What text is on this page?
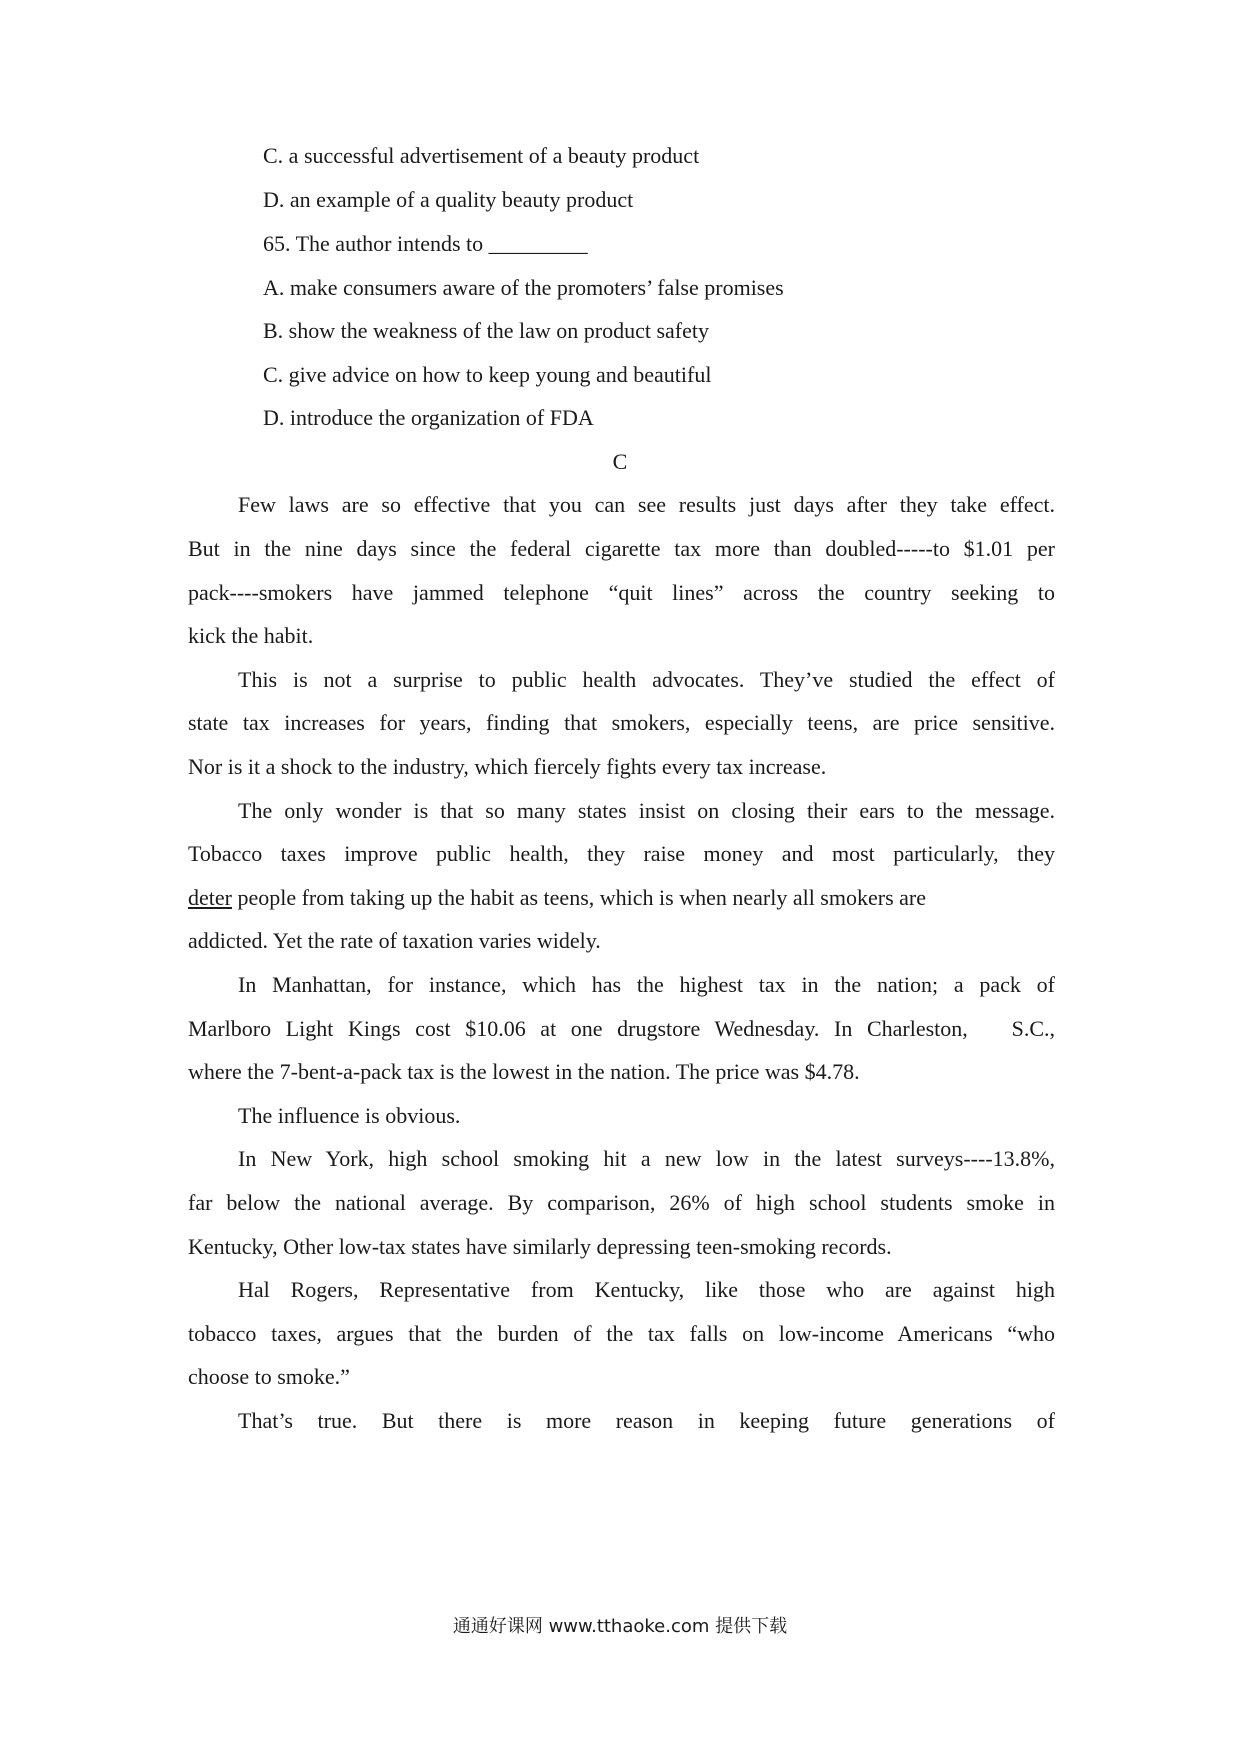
C. a successful advertisement of a beauty product
D. an example of a quality beauty product
65. The author intends to _________
A. make consumers aware of the promoters’ false promises
B. show the weakness of the law on product safety
C. give advice on how to keep young and beautiful
D. introduce the organization of FDA
C
Few laws are so effective that you can see results just days after they take effect.
But in the nine days since the federal cigarette tax more than doubled-----to $1.01 per
pack----smokers have jammed telephone “quit lines” across the country seeking to
kick the habit.
This is not a surprise to public health advocates. They’ve studied the effect of
state tax increases for years, finding that smokers, especially teens, are price sensitive.
Nor is it a shock to the industry, which fiercely fights every tax increase.
The only wonder is that so many states insist on closing their ears to the message.
Tobacco taxes improve public health, they raise money and most particularly, they
deter people from taking up the habit as teens, which is when nearly all smokers are
addicted. Yet the rate of taxation varies widely.
In Manhattan, for instance, which has the highest tax in the nation; a pack of
Marlboro Light Kings cost $10.06 at one drugstore Wednesday. In Charleston,   S.C.,
where the 7-bent-a-pack tax is the lowest in the nation. The price was $4.78.
The influence is obvious.
In New York, high school smoking hit a new low in the latest surveys----13.8%,
far below the national average. By comparison, 26% of high school students smoke in
Kentucky, Other low-tax states have similarly depressing teen-smoking records.
Hal Rogers, Representative from Kentucky, like those who are against high
tobacco taxes, argues that the burden of the tax falls on low-income Americans “who
choose to smoke.”
That’s true. But there is more reason in keeping future generations of
通通好课网 www.tthaoke.com 提供下载
